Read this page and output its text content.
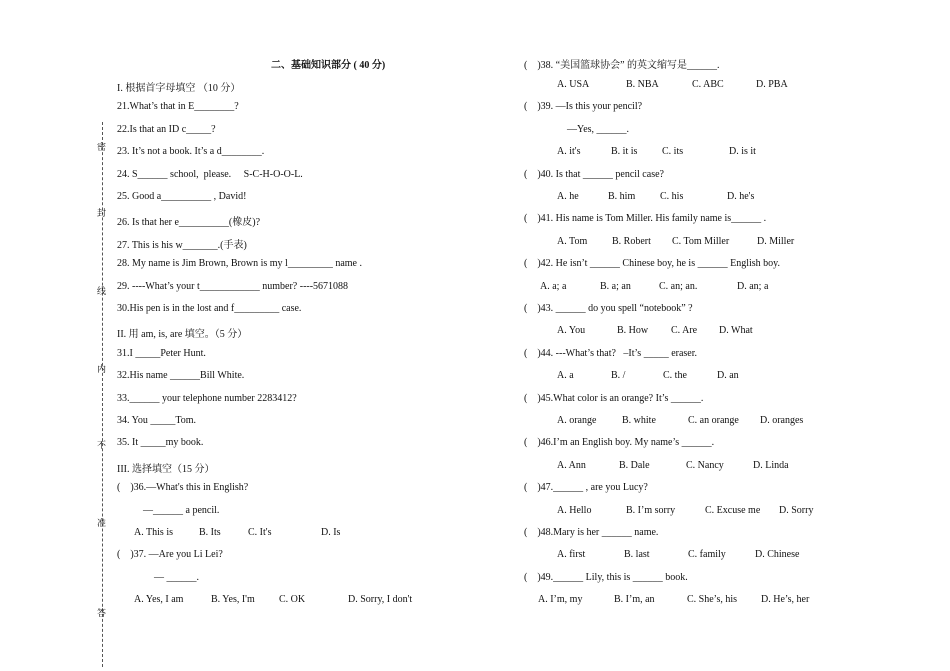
密
封
线
内
不
准
答
二、基础知识部分 ( 40 分)
I. 根据首字母填空 （10 分）
21.What’s that in E________?
22.Is that an ID c_____?
23. It’s not a book. It’s a d________.
24. S______ school,  please.     S-C-H-O-O-L.
25. Good a__________ , David!
26. Is that her e__________(橡皮)?
27. This is his w_______.(手表)
28. My name is Jim Brown, Brown is my l_________ name .
29. ----What’s your t____________ number? ----5671088
30.His pen is in the lost and f_________ case.
II. 用 am, is, are 填空。（5 分）
31.I _____Peter Hunt.
32.His name ______Bill White.
33.______ your telephone number 2283412?
34. You _____Tom.
35. It _____my book.
III. 选择填空（15 分）
(    )36.—What's this in English?
—______ a pencil.
A. This is	B. Its	C. It's	D. Is
(    )37. —Are you Li Lei?
— ______.
A. Yes, I am	B. Yes, I'm C. OK	D. Sorry, I don't
(    )38. “美国篮球协会” 的英文缩写是______.
A. USA	B. NBA	C. ABC	D. PBA
(    )39. —Is this your pencil?
—Yes, ______.
A. it's	B. it is C. its	D. is it
(    )40. Is that ______ pencil case?
A. he	B. him C. his	D. he's
(    )41. His name is Tom Miller. His family name is______ .
A. Tom B. Robert C. Tom Miller	D. Miller
(    )42. He isn’t ______ Chinese boy, he is ______ English boy.
A. a; a	B. a; an	C. an; an.	D. an; a
(    )43. ______ do you spell “notebook” ?
A. You	B. How C. Are D. What
(    )44. ---What’s that?   –It’s _____ eraser.
A. a	B. /	C. the	D. an
(    )45.What color is an orange? It’s ______.
A. orange	B. white	C. an orange D. oranges
(    )46.I’m an English boy. My name’s ______.
A. Ann	B. Dale	C. Nancy	D. Linda
(    )47.______ , are you Lucy?
A. Hello	B. I’m sorry	C. Excuse me D. Sorry
(    )48.Mary is her ______ name.
A. first	B. last	C. family	D. Chinese
(    )49.______ Lily, this is ______ book.
A. I’m, my	B. I’m, an	C. She’s, his D. He’s, her
